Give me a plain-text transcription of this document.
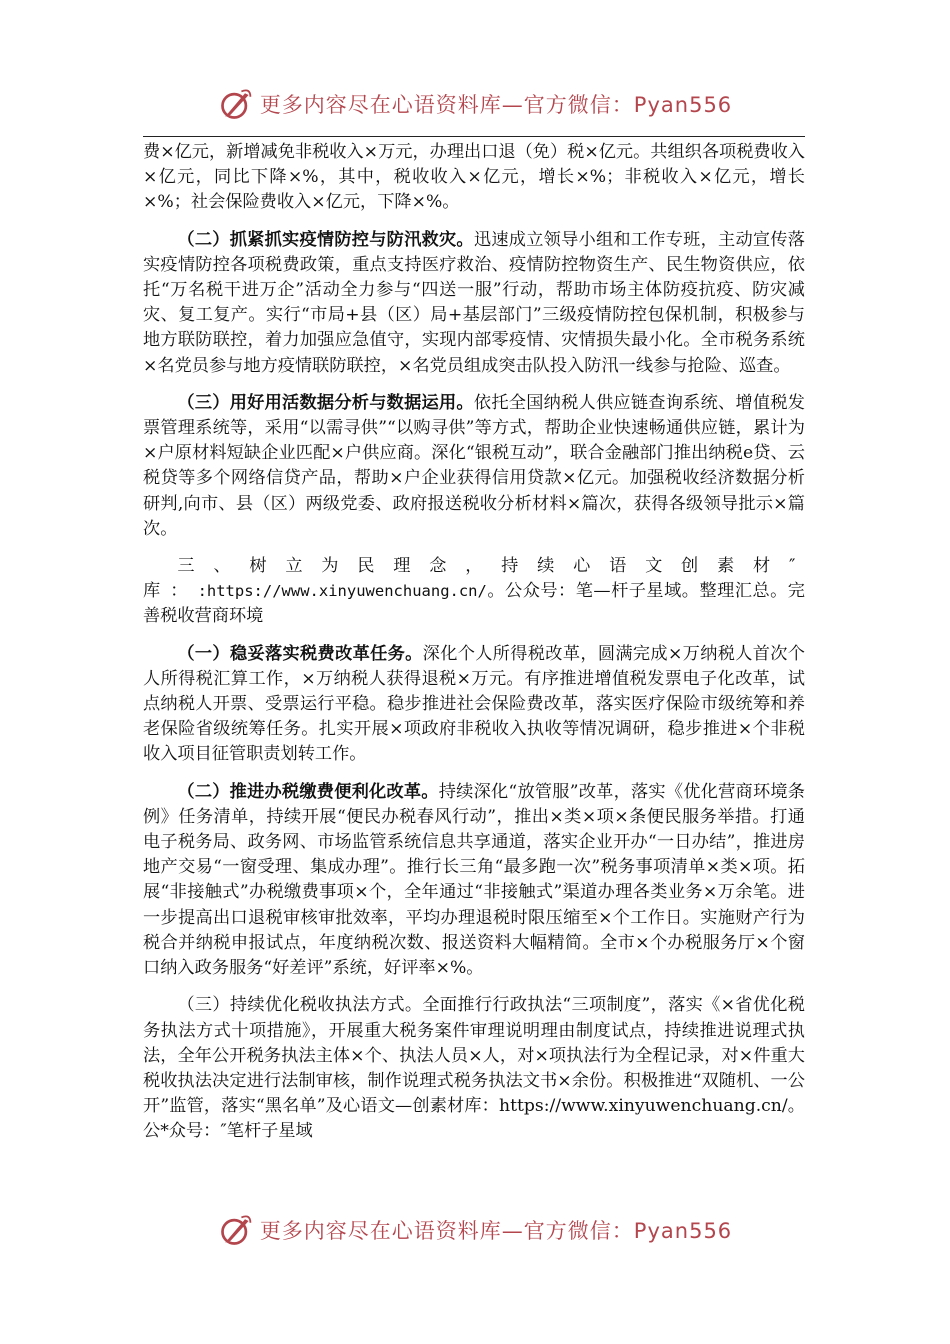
更多内容尽在心语资料库—官方微信：Pyan556

费×亿元，新增减免非税收入×万元，办理出口退（免）税×亿元。共组织各项税费收入×亿元，同比下降×%，其中，税收收入×亿元，增长×%；非税收入×亿元，增长×%；社会保险费收入×亿元，下降×%。

（二）抓紧抓实疫情防控与防汛救灾。迅速成立领导小组和工作专班，主动宣传落实疫情防控各项税费政策，重点支持医疗救治、疫情防控物资生产、民生物资供应，依托“万名税干进万企”活动全力参与“四送一服”行动，帮助市场主体防疫抗疫、防灾减灾、复工复产。实行“市局+县（区）局+基层部门”三级疫情防控包保机制，积极参与地方联防联控，着力加强应急值守，实现内部零疫情、灾情损失最小化。全市税务系统×名党员参与地方疫情联防联控，×名党员组成突击队投入防汛一线参与抢险、巡查。

（三）用好用活数据分析与数据运用。依托全国纳税人供应链查询系统、增值税发票管理系统等，采用“以需寻供”“以购寻供”等方式，帮助企业快速畅通供应链，累计为×户原材料短缺企业匹配×户供应商。深化“银税互动”，联合金融部门推出纳税e贷、云税贷等多个网络信贷产品，帮助×户企业获得信用贷款×亿元。加强税收经济数据分析研判,向市、县（区）两级党委、政府报送税收分析材料×篇次，获得各级领导批示×篇次。

三、树立为民理念，持续心语文创素材″库：:https://www.xinyuwenchuang.cn/。公众号：笔—杆子星域。整理汇总。完善税收营商环境

（一）稳妥落实税费改革任务。深化个人所得税改革，圆满完成×万纳税人首次个人所得税汇算工作，×万纳税人获得退税×万元。有序推进增值税发票电子化改革，试点纳税人开票、受票运行平稳。稳步推进社会保险费改革，落实医疗保险市级统筹和养老保险省级统筹任务。扎实开展×项政府非税收入执收等情况调研，稳步推进×个非税收入项目征管职责划转工作。

（二）推进办税缴费便利化改革。持续深化“放管服”改革，落实《优化营商环境条例》任务清单，持续开展“便民办税春风行动”，推出×类×项×条便民服务举措。打通电子税务局、政务网、市场监管系统信息共享通道，落实企业开办“一日办结”，推进房地产交易“一窗受理、集成办理”。推行长三角“最多跑一次”税务事项清单×类×项。拓展“非接触式”办税缴费事项×个，全年通过“非接触式”渠道办理各类业务×万余笔。进一步提高出口退税审核审批效率，平均办理退税时限压缩至×个工作日。实施财产行为税合并纳税申报试点，年度纳税次数、报送资料大幅精简。全市×个办税服务厅×个窗口纳入政务服务“好差评”系统，好评率×%。

（三）持续优化税收执法方式。全面推行行政执法“三项制度”，落实《×省优化税务执法方式十项措施》，开展重大税务案件审理说明理由制度试点，持续推进说理式执法，全年公开税务执法主体×个、执法人员×人，对×项执法行为全程记录，对×件重大税收执法决定进行法制审核，制作说理式税务执法文书×余份。积极推进“双随机、一公开”监管，落实“黑名单”及心语文—创素材库：https://www.xinyuwenchuang.cn/。公*众号：″笔杆子星域

更多内容尽在心语资料库—官方微信：Pyan556
